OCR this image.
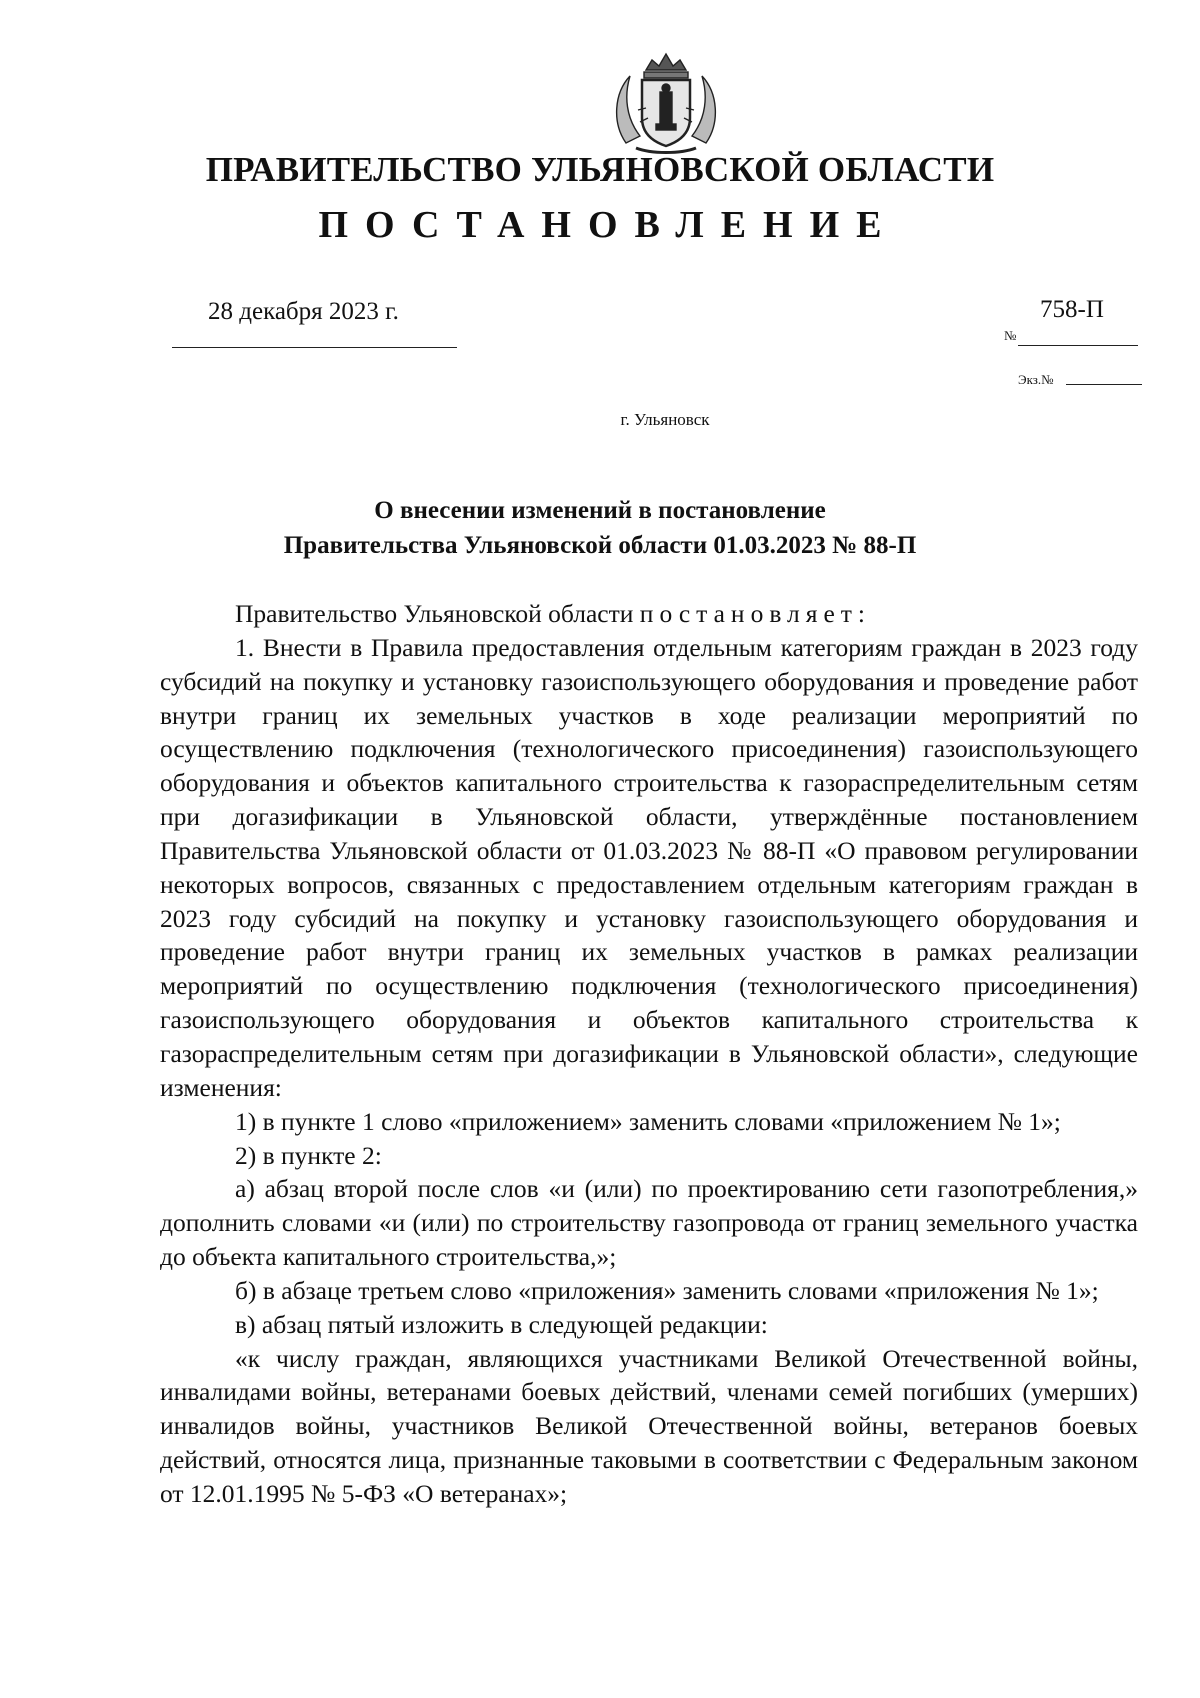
ПРАВИТЕЛЬСТВО УЛЬЯНОВСКОЙ ОБЛАСТИ
ПОСТАНОВЛЕНИЕ
28 декабря 2023 г.	758-П
№
Экз.№
г. Ульяновск
О внесении изменений в постановление
Правительства Ульяновской области 01.03.2023 № 88-П

Правительство Ульяновской области постановляет:

1. Внести в Правила предоставления отдельным категориям граждан в 2023 году субсидий на покупку и установку газоиспользующего оборудования и проведение работ внутри границ их земельных участков в ходе реализации мероприятий по осуществлению подключения (технологического присоединения) газоиспользующего оборудования и объектов капитального строительства к газораспределительным сетям при догазификации в Ульяновской области, утверждённые постановлением Правительства Ульяновской области от 01.03.2023 № 88-П «О правовом регулировании некоторых вопросов, связанных с предоставлением отдельным категориям граждан в 2023 году субсидий на покупку и установку газоиспользующего оборудования и проведение работ внутри границ их земельных участков в рамках реализации мероприятий по осуществлению подключения (технологического присоединения) газоиспользующего оборудования и объектов капитального строительства к газораспределительным сетям при догазификации в Ульяновской области», следующие изменения:

1) в пункте 1 слово «приложением» заменить словами «приложением № 1»;

2) в пункте 2:

а) абзац второй после слов «и (или) по проектированию сети газопотребления,» дополнить словами «и (или) по строительству газопровода от границ земельного участка до объекта капитального строительства,»;

б) в абзаце третьем слово «приложения» заменить словами «приложения № 1»;

в) абзац пятый изложить в следующей редакции:

«к числу граждан, являющихся участниками Великой Отечественной войны, инвалидами войны, ветеранами боевых действий, членами семей погибших (умерших) инвалидов войны, участников Великой Отечественной войны, ветеранов боевых действий, относятся лица, признанные таковыми в соответствии с Федеральным законом от 12.01.1995 № 5-ФЗ «О ветеранах»;
